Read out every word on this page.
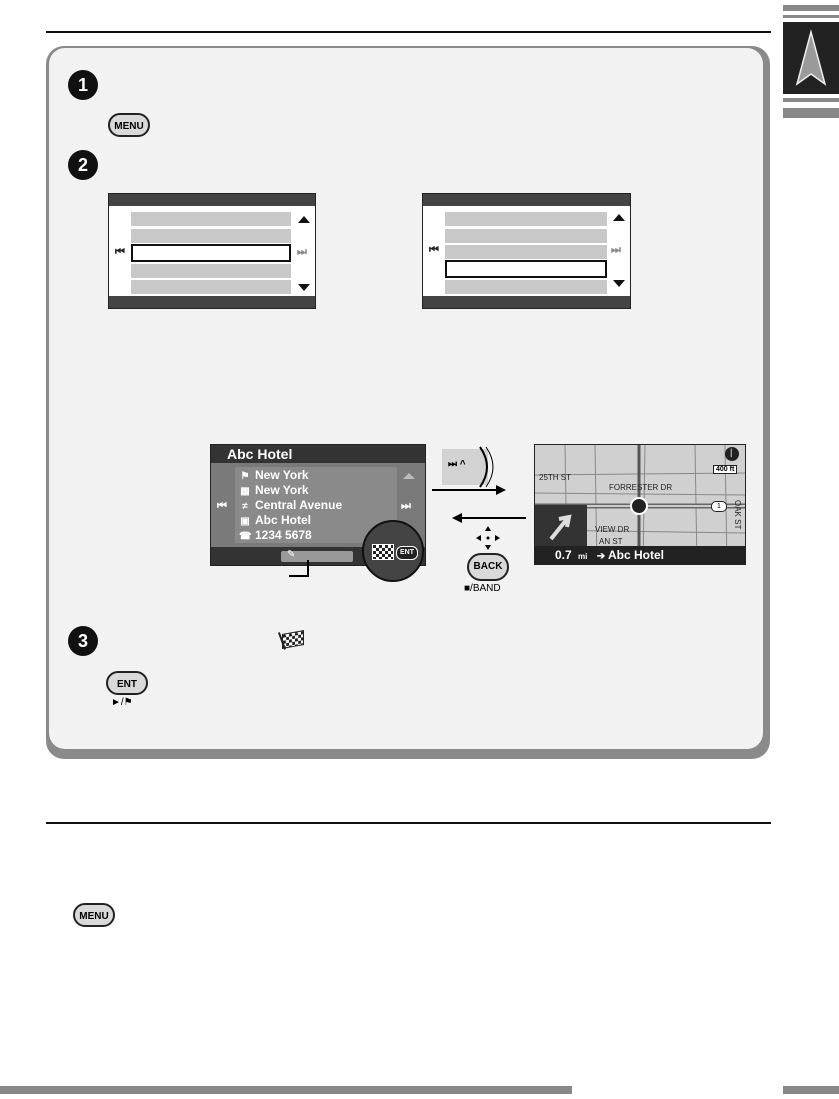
1
MENU
2
⏮	⏭	⏮	⏭
Abc Hotel
⚑ New York
▦ New York
≠ Central Avenue
▣ Abc Hotel
☎ 1234 5678
⏮	⏭
✎	ENT
⏭ ^
BACK
■/BAND
25TH ST
FORRESTER DR
VIEW DR
AN ST
OAK ST
|
400 ft
1
0.7 mi ➔ Abc Hotel
3
ENT
►/⚑
MENU
